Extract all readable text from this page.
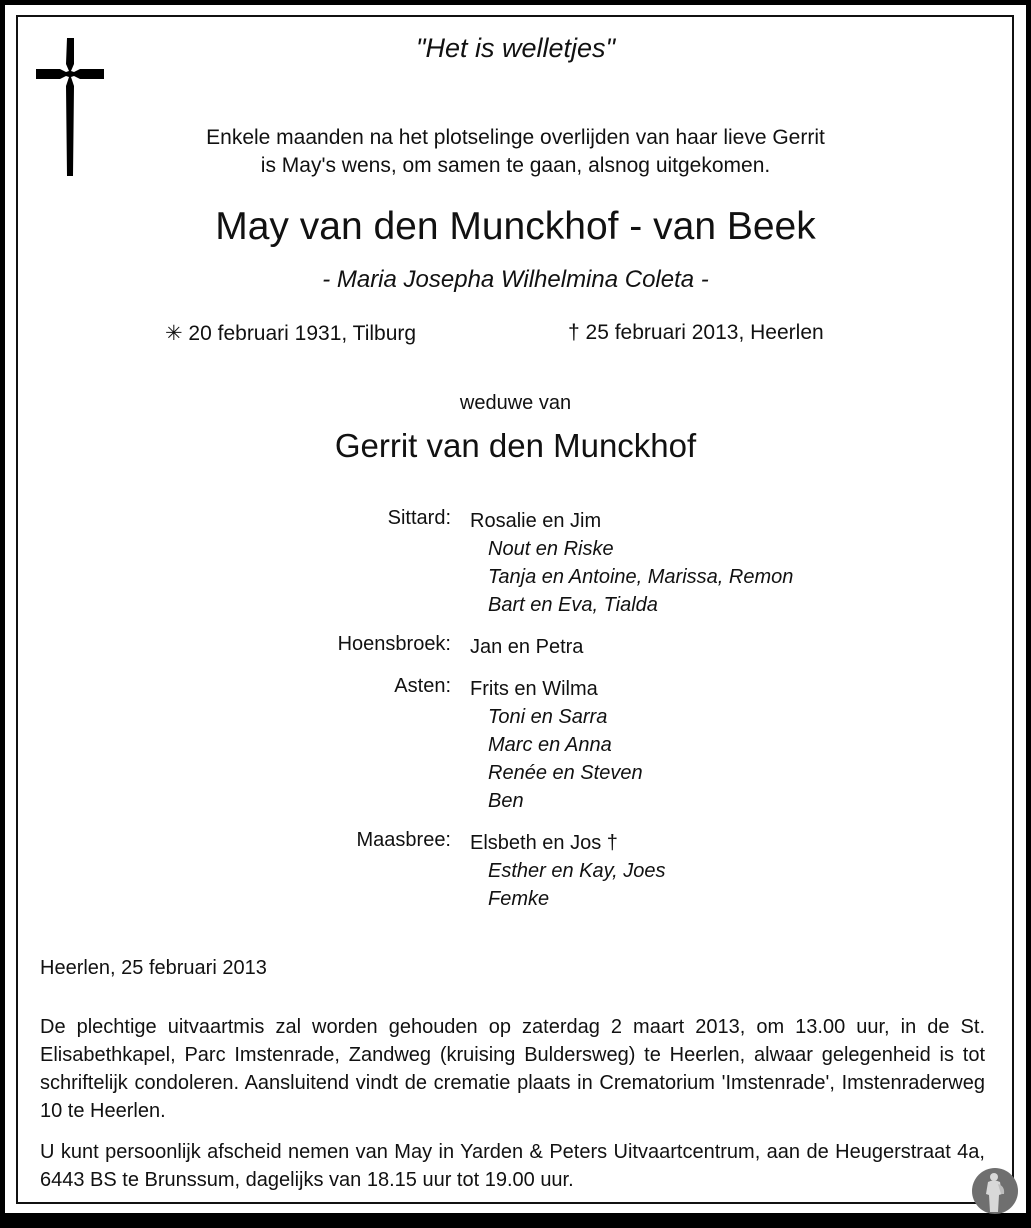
"Het is welletjes"
Enkele maanden na het plotselinge overlijden van haar lieve Gerrit
is May's wens, om samen te gaan, alsnog uitgekomen.
May van den Munckhof - van Beek
- Maria Josepha Wilhelmina Coleta -
✳ 20 februari 1931, Tilburg	† 25 februari 2013, Heerlen
weduwe van
Gerrit van den Munckhof
Sittard: Rosalie en Jim
Nout en Riske
Tanja en Antoine, Marissa, Remon
Bart en Eva, Tialda
Hoensbroek: Jan en Petra
Asten: Frits en Wilma
Toni en Sarra
Marc en Anna
Renée en Steven
Ben
Maasbree: Elsbeth en Jos †
Esther en Kay, Joes
Femke
Heerlen, 25 februari 2013
De plechtige uitvaartmis zal worden gehouden op zaterdag 2 maart 2013, om 13.00 uur, in de St. Elisabethkapel, Parc Imstenrade, Zandweg (kruising Buldersweg) te Heerlen, alwaar gelegenheid is tot schriftelijk condoleren. Aansluitend vindt de crematie plaats in Crematorium 'Imstenrade', Imstenraderweg 10 te Heerlen.
U kunt persoonlijk afscheid nemen van May in Yarden & Peters Uitvaartcentrum, aan de Heugerstraat 4a, 6443 BS te Brunssum, dagelijks van 18.15 uur tot 19.00 uur.
